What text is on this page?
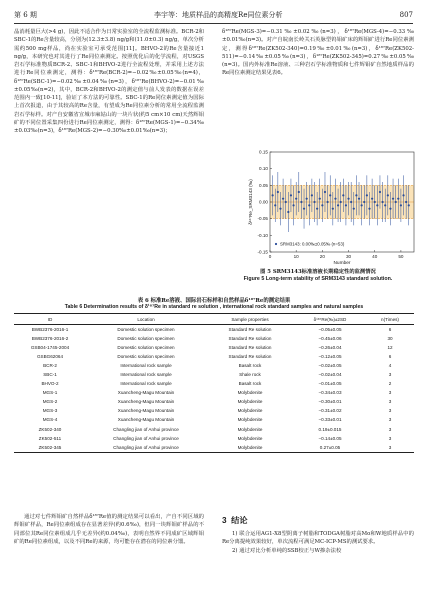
第 6 期	李宇等：地质样品的高精度Re同位素分析	807

晶消耗量巨大(>4 g)，因此不适合作为日常实验室的全流程监测标准。BCR-2和SBC-1的Re含量较高，分别为(12.3±3.8) ng/g和(11.0±0.3) ng/g，单次分析需约500 mg样品，尚在实验室可承受范围[11]。BHVO-2的Re含量接近1 ng/g，本研究也对其进行了Re同位素测定。按照优化后的化学流程，对USGS岩石学标准物质BCR-2、SBC-1和BHVO-2进行全流程处理，并采用上述方法进行Re同位素测定，测得：δ¹⁸⁷Re(BCR-2)=−0.02‰±0.05‰(n=4)，δ¹⁸⁷Re(SBC-1)=−0.02‰±0.04‰(n=3)，δ¹⁸⁷Re(BHVO-2)=−0.01‰±0.05‰(n=2)，其中，BCR-2和BHVO-2的测定值与前人发表的数据在误差范围内一致[10-11]，验证了本方法的可靠性。SBC-1的Re同位素测定值为国际上首次报道，由于其较高的Re含量，有望成为Re同位素分析的常用全流程监测岩石学标样。对产自安徽省宣城市麻姑山的一块片状(约5 cm×10 cm)天然辉钼矿的不同位置采集四份进行Re同位素测定，测得：δ¹⁸⁷Re(MGS-1)=−0.34‰±0.03‰(n=3)，δ¹⁸⁷Re(MGS-2)=−0.30‰±0.01‰(n=3)；

δ¹⁸⁷Re(MGS-3)=−0.31‰±0.02‰(n=3)，δ¹⁸⁷Re(MGS-4)=−0.33‰±0.01‰(n=3)。对产自皖南长岭关石英脉型钨钼矿床的辉钼矿进行Re同位素测定，测得δ¹⁸⁷Re(ZK502-340)=0.19‰±0.01‰(n=3)，δ¹⁸⁷Re(ZK502-511)=−0.14‰±0.05‰(n=3)，δ¹⁸⁷Re(ZK502-345)=0.27‰±0.05‰(n=3)。国内外标准Re溶液、三种岩石学标准物质和七件辉钼矿自然地质样品的Re同位素测定结果见表6。

0	10	20	30	40	50
-0.15
-0.10
-0.05
0.00
0.05
0.10
0.15
Number
δ¹⁸⁷Re_SRM3143 (‰)
SRM3143: 0.00‰±0.05‰ (n=53)
图 5 SRM3143标准溶液长期稳定性的监测情况
Figure 5 Long-term stability of SRM3143 standard solution.
表 6 标准Re溶液、国际岩石标样和自然样品δ¹⁸⁷Re的测定结果
Table 6 Determination results of δ¹⁸⁷Re in standard re solution , international rock standard samples and natural samples
ID	Location	Sample properties	δ¹⁸⁷Re(‰)±2SD	n(Times)
BWB2376-2016-1	Domestic solution specimen	Standard Re solution	−0.05±0.05	6
BWB2376-2016-2	Domestic solution specimen	Standard Re solution	−0.45±0.06	30
GSB04-1745-2004	Domestic solution specimen	Standard Re solution	−0.26±0.04	12
GSBG62064	Domestic solution specimen	Standard Re solution	−0.12±0.05	6
BCR-2	International rock sample	Basalt rock	−0.02±0.05	4
SBC-1	International rock sample	Shale rock	−0.02±0.04	3
BHVO-2	International rock sample	Basalt rock	−0.01±0.05	2
MGS-1	Xuancheng-Magu Mountain	Molybdenite	−0.34±0.03	3
MGS-2	Xuancheng-Magu Mountain	Molybdenite	−0.30±0.01	3
MGS-3	Xuancheng-Magu Mountain	Molybdenite	−0.31±0.02	3
MGS-4	Xuancheng-Magu Mountain	Molybdenite	−0.33±0.01	3
ZK502-340	Changling jian of Anhui province	Molybdenite	0.19±0.015	3
ZK502-511	Changling jian of Anhui province	Molybdenite	−0.14±0.05	3
ZK502-345	Changling jian of Anhui province	Molybdenite	0.27±0.05	3

通过对七件辉钼矿自然样品δ¹⁸⁷Re值的测定结果可以看出，产自不同区域的辉钼矿样品，Re同位素组成存在显著差异(约0.6‰)，但同一块辉钼矿样品的不同部位其Re同位素组成几乎无差异(约0.04‰)，表明自然界不同成矿区域辉钼矿的Re同位素组成，以及不同Re的来源，均可能存在潜在的同位素分馏。

3 结论

1) 联合运用AG1-X8型阴离子树脂和TODGA树脂对高Mo和W地质样品中的Re分离提纯效果较好，单次流程可满足MC-ICP-MS的测试要求。

2) 通过对比分析单纯的SSB校正与W掺杂法校
